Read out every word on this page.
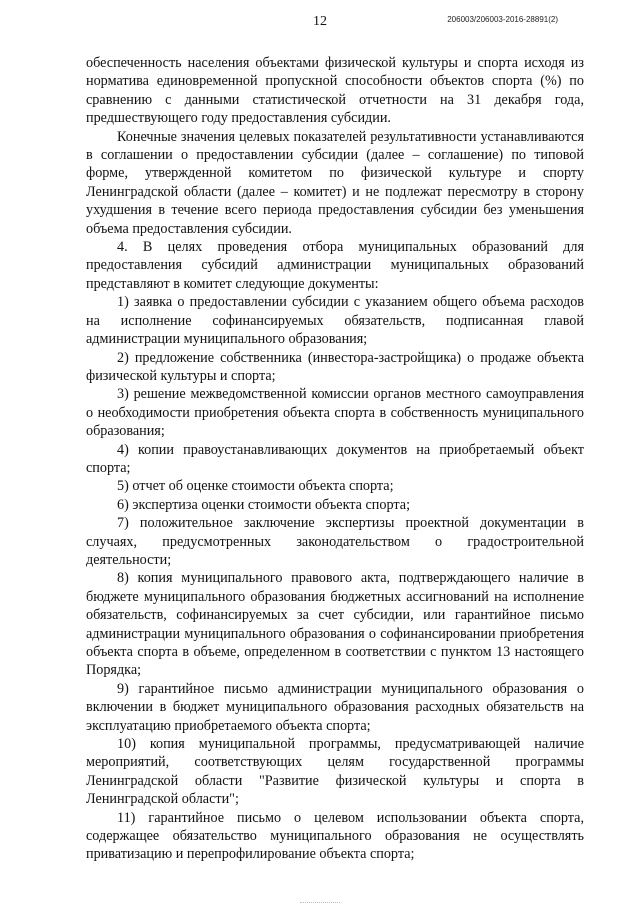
12	206003/206003-2016-28891(2)

обеспеченность населения объектами физической культуры и спорта исходя из норматива единовременной пропускной способности объектов спорта (%) по сравнению с данными статистической отчетности на 31 декабря года, предшествующего году предоставления субсидии.

Конечные значения целевых показателей результативности устанавливаются в соглашении о предоставлении субсидии (далее – соглашение) по типовой форме, утвержденной комитетом по физической культуре и спорту Ленинградской области (далее – комитет) и не подлежат пересмотру в сторону ухудшения в течение всего периода предоставления субсидии без уменьшения объема предоставления субсидии.

4. В целях проведения отбора муниципальных образований для предоставления субсидий администрации муниципальных образований представляют в комитет следующие документы:

1) заявка о предоставлении субсидии с указанием общего объема расходов на исполнение софинансируемых обязательств, подписанная главой администрации муниципального образования;

2) предложение собственника (инвестора-застройщика) о продаже объекта физической культуры и спорта;

3) решение межведомственной комиссии органов местного самоуправления о необходимости приобретения объекта спорта в собственность муниципального образования;

4) копии правоустанавливающих документов на приобретаемый объект спорта;

5) отчет об оценке стоимости объекта спорта;

6) экспертиза оценки стоимости объекта спорта;

7) положительное заключение экспертизы проектной документации в случаях, предусмотренных законодательством о градостроительной деятельности;

8) копия муниципального правового акта, подтверждающего наличие в бюджете муниципального образования бюджетных ассигнований на исполнение обязательств, софинансируемых за счет субсидии, или гарантийное письмо администрации муниципального образования о софинансировании приобретения объекта спорта в объеме, определенном в соответствии с пунктом 13 настоящего Порядка;

9) гарантийное письмо администрации муниципального образования о включении в бюджет муниципального образования расходных обязательств на эксплуатацию приобретаемого объекта спорта;

10) копия муниципальной программы, предусматривающей наличие мероприятий, соответствующих целям государственной программы Ленинградской области "Развитие физической культуры и спорта в Ленинградской области";

11) гарантийное письмо о целевом использовании объекта спорта, содержащее обязательство муниципального образования не осуществлять приватизацию и перепрофилирование объекта спорта;
